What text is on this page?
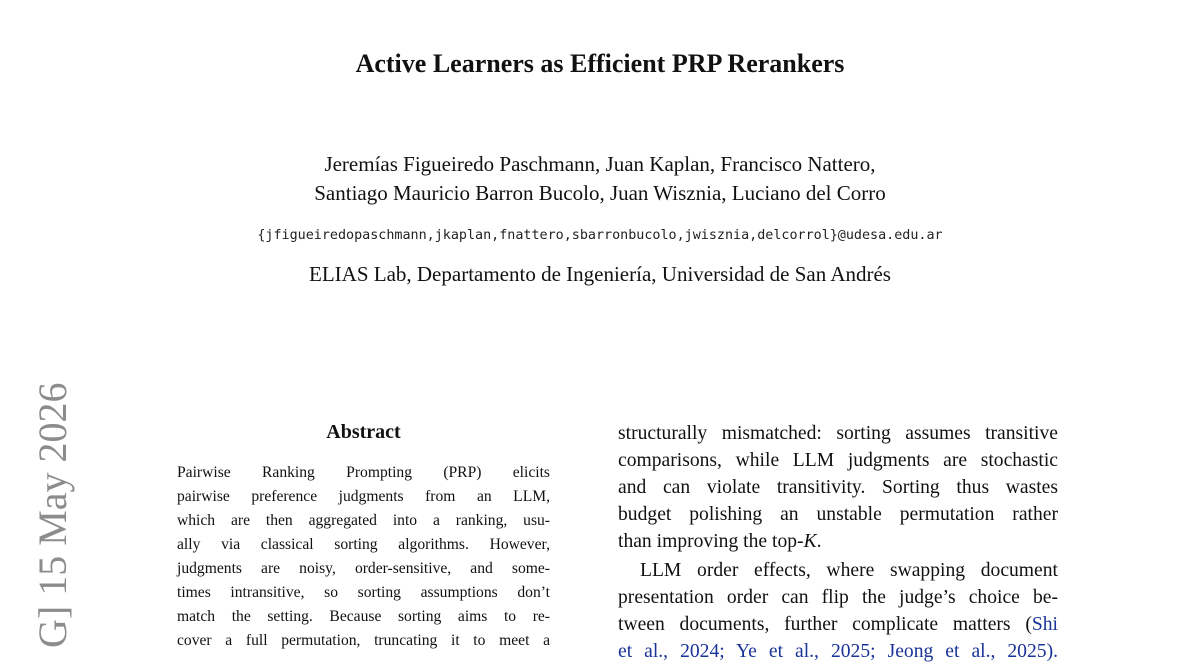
G] 15 May 2026
Active Learners as Efficient PRP Rerankers
Jeremías Figueiredo Paschmann, Juan Kaplan, Francisco Nattero,
Santiago Mauricio Barron Bucolo, Juan Wisznia, Luciano del Corro
{jfigueiredopaschmann,jkaplan,fnattero,sbarronbucolo,jwisznia,delcorrol}@udesa.edu.ar
ELIAS Lab, Departamento de Ingeniería, Universidad de San Andrés
Abstract
Pairwise Ranking Prompting (PRP) elicits
pairwise preference judgments from an LLM,
which are then aggregated into a ranking, usu-
ally via classical sorting algorithms. However,
judgments are noisy, order-sensitive, and some-
times intransitive, so sorting assumptions don’t
match the setting. Because sorting aims to re-
cover a full permutation, truncating it to meet a
structurally mismatched: sorting assumes transitive
comparisons, while LLM judgments are stochastic
and can violate transitivity. Sorting thus wastes
budget polishing an unstable permutation rather
than improving the top-K.
LLM order effects, where swapping document
presentation order can flip the judge’s choice be-
tween documents, further complicate matters (Shi
et al., 2024; Ye et al., 2025; Jeong et al., 2025).
